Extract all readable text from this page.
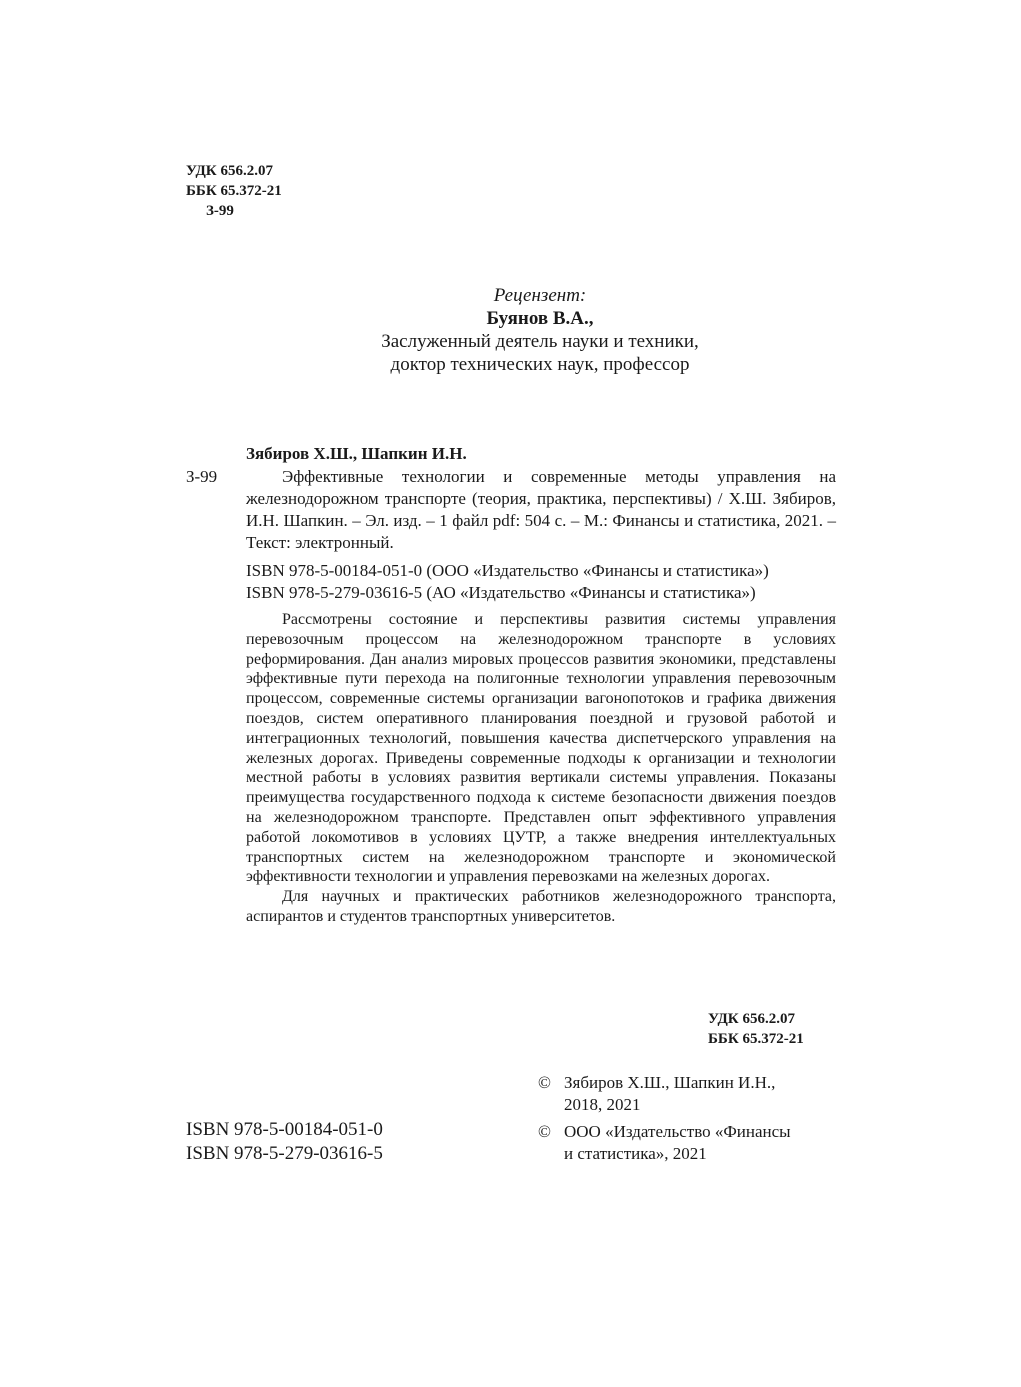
УДК 656.2.07
ББК 65.372-21
З-99
Рецензент:
Буянов В.А.,
Заслуженный деятель науки и техники,
доктор технических наук, профессор
Зябиров Х.Ш., Шапкин И.Н.
З-99	Эффективные технологии и современные методы управления на железнодорожном транспорте (теория, практика, перспективы) / Х.Ш. Зябиров, И.Н. Шапкин. – Эл. изд. – 1 файл pdf: 504 с. – М.: Финансы и статистика, 2021. – Текст: электронный.

ISBN 978-5-00184-051-0 (ООО «Издательство «Финансы и статистика»)

ISBN 978-5-279-03616-5 (АО «Издательство «Финансы и статистика»)

Рассмотрены состояние и перспективы развития системы управления перевозочным процессом на железнодорожном транспорте в условиях реформирования. Дан анализ мировых процессов развития экономики, представлены эффективные пути перехода на полигонные технологии управления перевозочным процессом, современные системы организации вагонопотоков и графика движения поездов, систем оперативного планирования поездной и грузовой работой и интеграционных технологий, повышения качества диспетчерского управления на железных дорогах. Приведены современные подходы к организации и технологии местной работы в условиях развития вертикали системы управления. Показаны преимущества государственного подхода к системе безопасности движения поездов на железнодорожном транспорте. Представлен опыт эффективного управления работой локомотивов в условиях ЦУТР, а также внедрения интеллектуальных транспортных систем на железнодорожном транспорте и экономической эффективности технологии и управления перевозками на железных дорогах.

Для научных и практических работников железнодорожного транспорта, аспирантов и студентов транспортных университетов.

УДК 656.2.07
ББК 65.372-21
ISBN 978-5-00184-051-0
ISBN 978-5-279-03616-5
© Зябиров Х.Ш., Шапкин И.Н.,
2018, 2021
© ООО «Издательство «Финансы
и статистика», 2021
